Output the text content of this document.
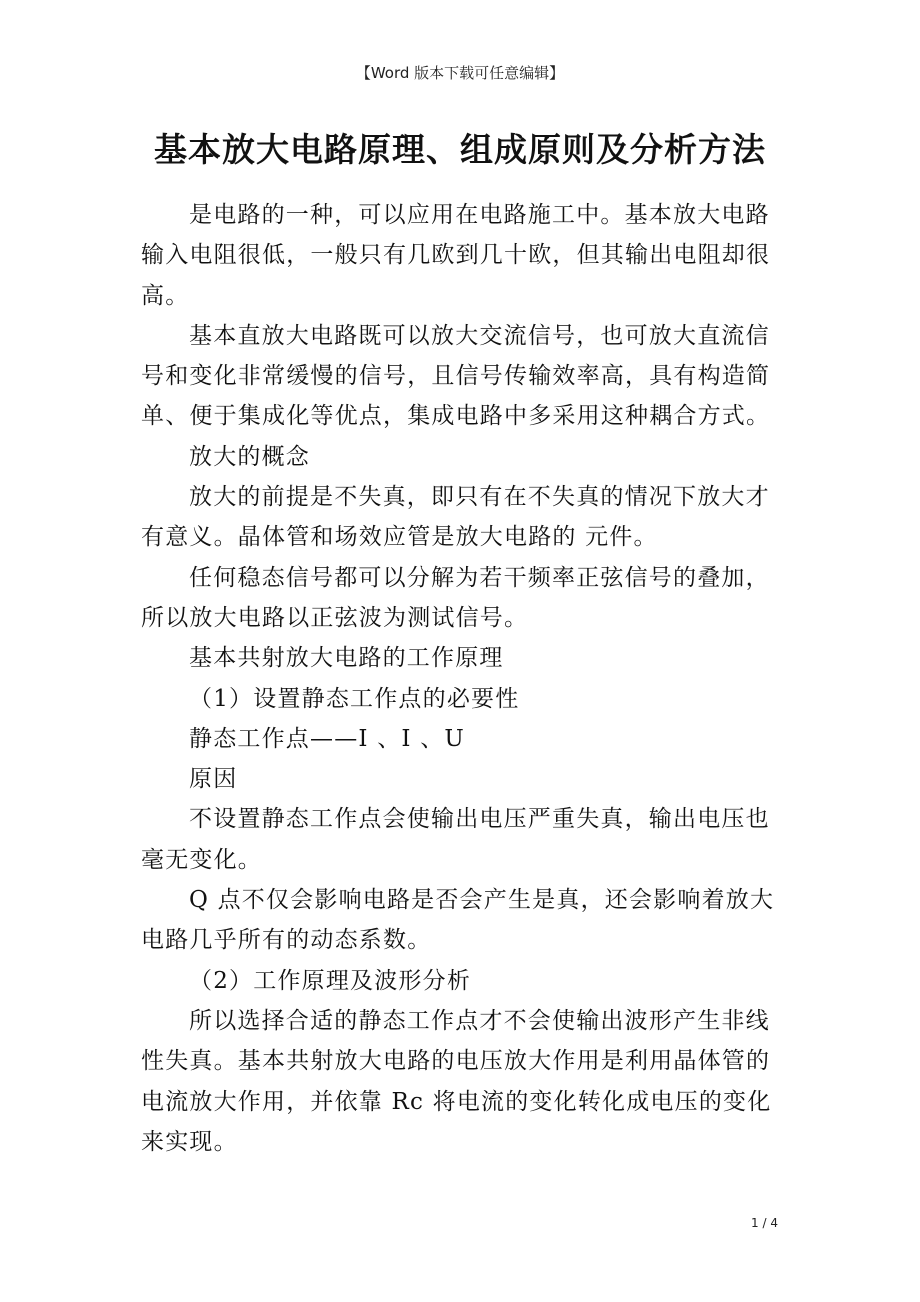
【Word 版本下载可任意编辑】
基本放大电路原理、组成原则及分析方法

是电路的一种，可以应用在电路施工中。基本放大电路输入电阻很低，一般只有几欧到几十欧，但其输出电阻却很高。

基本直放大电路既可以放大交流信号，也可放大直流信号和变化非常缓慢的信号，且信号传输效率高，具有构造简单、便于集成化等优点，集成电路中多采用这种耦合方式。

放大的概念

放大的前提是不失真，即只有在不失真的情况下放大才有意义。晶体管和场效应管是放大电路的 元件。

任何稳态信号都可以分解为若干频率正弦信号的叠加，所以放大电路以正弦波为测试信号。

基本共射放大电路的工作原理

（1）设置静态工作点的必要性

静态工作点——I 、I 、U

原因

不设置静态工作点会使输出电压严重失真，输出电压也毫无变化。

Q 点不仅会影响电路是否会产生是真，还会影响着放大电路几乎所有的动态系数。

（2）工作原理及波形分析

所以选择合适的静态工作点才不会使输出波形产生非线性失真。基本共射放大电路的电压放大作用是利用晶体管的电流放大作用，并依靠 Rc 将电流的变化转化成电压的变化来实现。

1 / 4
